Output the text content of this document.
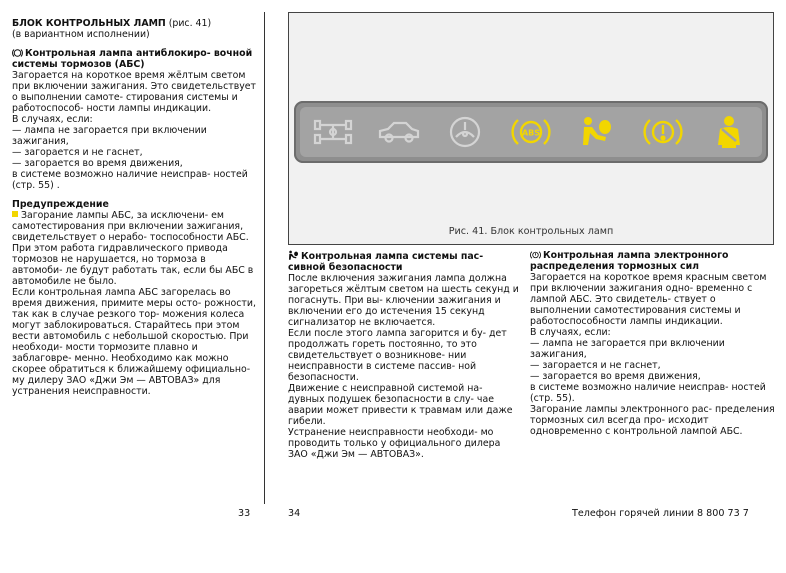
БЛОК КОНТРОЛЬНЫХ ЛАМП (рис. 41)

(в вариантном исполнении)

Контрольная лампа антиблокиро- вочной системы тормозов (АБС)

Загорается на короткое время жёлтым светом при включении зажигания. Это свидетельствует о выполнении самоте- стирования системы и работоспособ- ности лампы индикации.

В случаях, если:

— лампа не загорается при включении зажигания,

— загорается и не гаснет,

— загорается во время движения,

в системе возможно наличие неисправ- ностей (стр. 55) .

Предупреждение

Загорание лампы АБС, за исключени- ем самотестирования при включении зажигания, свидетельствует о нерабо- тоспособности АБС. При этом работа гидравлического привода тормозов не нарушается, но тормоза в автомоби- ле будут работать так, если бы АБС в автомобиле не было.

Если контрольная лампа АБС загорелась во время движения, примите меры осто- рожности, так как в случае резкого тор- можения колеса могут заблокироваться. Старайтесь при этом вести автомобиль с небольшой скоростью. При необходи- мости тормозите плавно и заблаговре- менно. Необходимо как можно скорее обратиться к ближайшему официально- му дилеру ЗАО «Джи Эм — АВТОВАЗ» для устранения неисправности.

ABS
Рис. 41. Блок контрольных ламп

Контрольная лампа системы пас- сивной безопасности

После включения зажигания лампа должна загореться жёлтым светом на шесть секунд и погаснуть. При вы- ключении зажигания и включении его до истечения 15 секунд сигнализатор не включается.

Если после этого лампа загорится и бу- дет продолжать гореть постоянно, то это свидетельствует о возникнове- нии неисправности в системе пассив- ной безопасности.

Движение с неисправной системой на- дувных подушек безопасности в слу- чае аварии может привести к травмам или даже гибели.

Устранение неисправности необходи- мо проводить только у официального дилера ЗАО «Джи Эм — АВТОВАЗ».

Контрольная лампа электронного распределения тормозных сил

Загорается на короткое время красным светом при включении зажигания одно- временно с лампой АБС. Это свидетель- ствует о выполнении самотестирования системы и работоспособности лампы индикации.

В случаях, если:

— лампа не загорается при включении зажигания,

— загорается и не гаснет,

— загорается во время движения,

в системе возможно наличие неисправ- ностей (стр. 55).

Загорание лампы электронного рас- пределения тормозных сил всегда про- исходит одновременно с контрольной лампой АБС.

33	34	Телефон горячей линии 8 800 73 7
